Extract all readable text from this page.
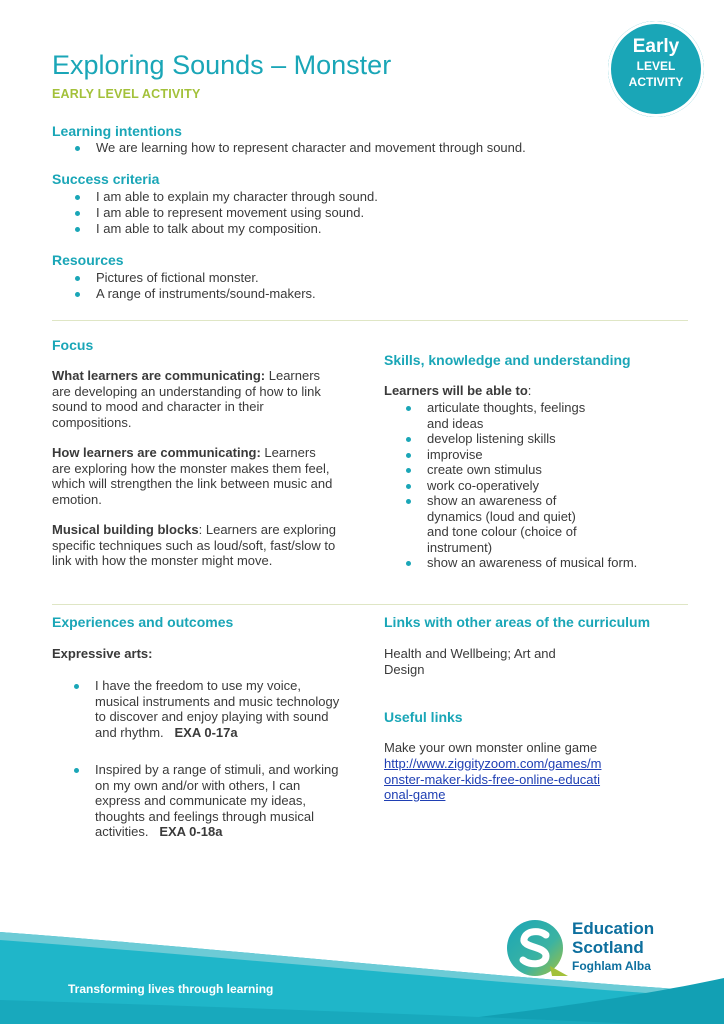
Exploring Sounds – Monster
EARLY LEVEL ACTIVITY
Early
LEVEL
ACTIVITY
Learning intentions
We are learning how to represent character and movement through sound.
Success criteria
I am able to explain my character through sound.
I am able to represent movement using sound.
I am able to talk about my composition.
Resources
Pictures of fictional monster.
A range of instruments/sound-makers.
Focus
What learners are communicating: Learners are developing an understanding of how to link sound to mood and character in their compositions.
How learners are communicating: Learners are exploring how the monster makes them feel, which will strengthen the link between music and emotion.
Musical building blocks: Learners are exploring specific techniques such as loud/soft, fast/slow to link with how the monster might move.
Skills, knowledge and understanding
Learners will be able to:
articulate thoughts, feelings and ideas
develop listening skills
improvise
create own stimulus
work co-operatively
show an awareness of dynamics (loud and quiet) and tone colour (choice of instrument)
show an awareness of musical form.
Experiences and outcomes
Expressive arts:
I have the freedom to use my voice, musical instruments and music technology to discover and enjoy playing with sound and rhythm. EXA 0-17a
Inspired by a range of stimuli, and working on my own and/or with others, I can express and communicate my ideas, thoughts and feelings through musical activities. EXA 0-18a
Links with other areas of the curriculum
Health and Wellbeing; Art and Design
Useful links
Make your own monster online game
http://www.ziggityzoom.com/games/monster-maker-kids-free-online-educational-game
Transforming lives through learning
Education
Scotland
Foghlam Alba
